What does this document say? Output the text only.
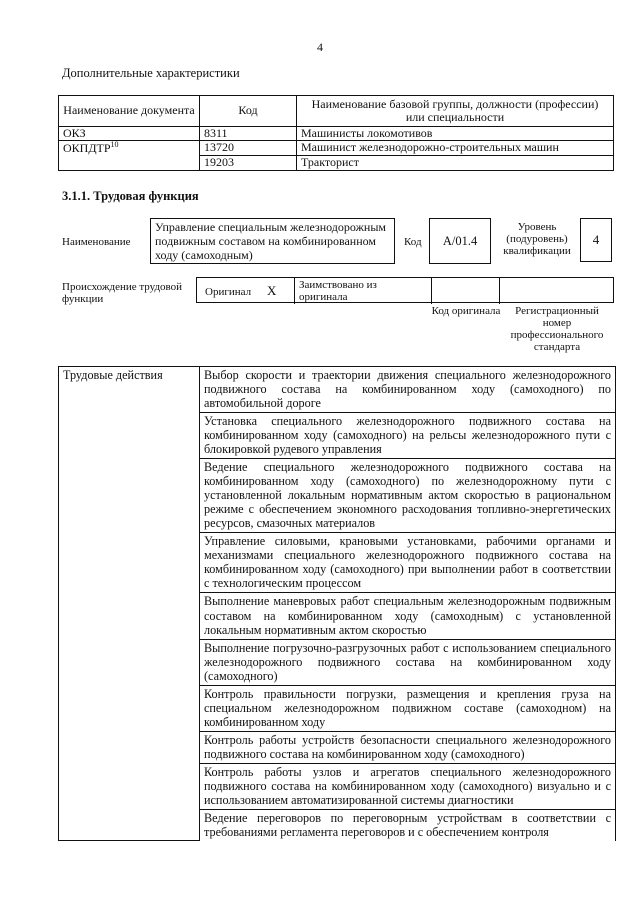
4
Дополнительные характеристики
Наименование документа	Код	Наименование базовой группы, должности (профессии) или специальности
ОКЗ	8311	Машинисты локомотивов
ОКПДТР$^{10}$	13720	Машинист железнодорожно-строительных машин
	19203	Тракторист
3.1.1. Трудовая функция
Наименование
Управление специальным железнодорожным подвижным составом на комбинированном ходу (самоходным)
Код	A/01.4
Уровень (подуровень) квалификации
4
Происхождение трудовой функции
Оригинал X Заимствовано из оригинала
Код оригинала	Регистрационный номер профессионального стандарта
Трудовые действия	Выбор скорости и траектории движения специального железнодорожного подвижного состава на комбинированном ходу (самоходного) по автомобильной дороге
Установка специального железнодорожного подвижного состава на комбинированном ходу (самоходного) на рельсы железнодорожного пути с блокировкой рудевого управления
Ведение специального железнодорожного подвижного состава на комбинированном ходу (самоходного) по железнодорожному пути с установленной локальным нормативным актом скоростью в рациональном режиме с обеспечением экономного расходования топливно-энергетических ресурсов, смазочных материалов
Управление силовыми, крановыми установками, рабочими органами и механизмами специального железнодорожного подвижного состава на комбинированном ходу (самоходного) при выполнении работ в соответствии с технологическим процессом
Выполнение маневровых работ специальным железнодорожным подвижным составом на комбинированном ходу (самоходным) с установленной локальным нормативным актом скоростью
Выполнение погрузочно-разгрузочных работ с использованием специального железнодорожного подвижного состава на комбинированном ходу (самоходного)
Контроль правильности погрузки, размещения и крепления груза на специальном железнодорожном подвижном составе (самоходном) на комбинированном ходу
Контроль работы устройств безопасности специального железнодорожного подвижного состава на комбинированном ходу (самоходного)
Контроль работы узлов и агрегатов специального железнодорожного подвижного состава на комбинированном ходу (самоходного) визуально и с использованием автоматизированной системы диагностики
Ведение переговоров по переговорным устройствам в соответствии с требованиями регламента переговоров и с обеспечением контроля
